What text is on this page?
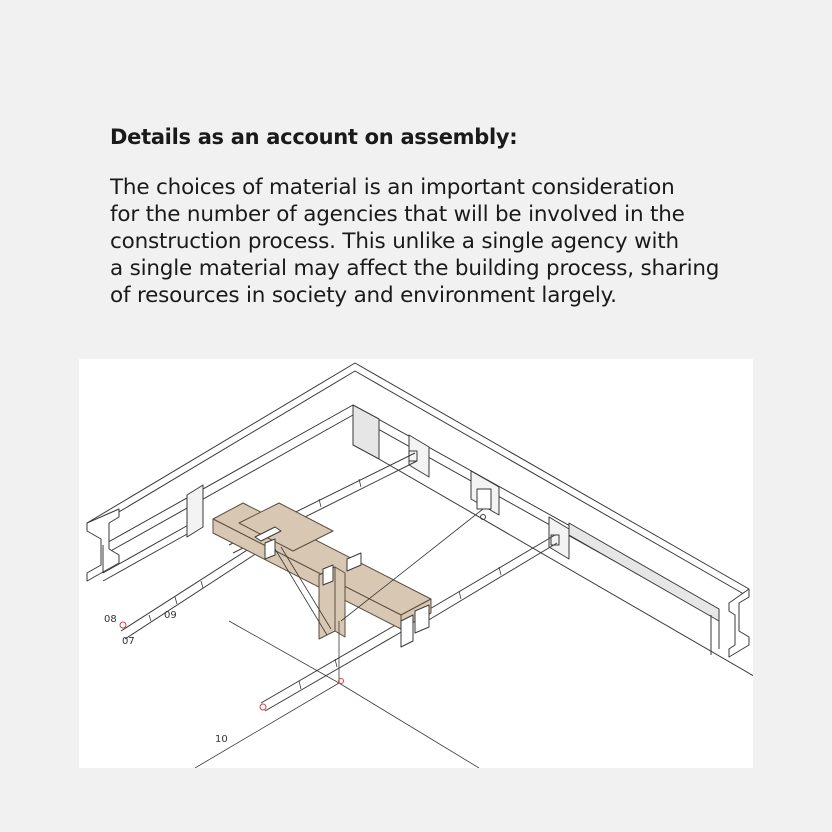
Details as an account on assembly:

The choices of material is an important consideration
for the number of agencies that will be involved in the
construction process. This unlike a single agency with
a single material may affect the building process, sharing
of resources in society and environment largely.

08
07
09
10
